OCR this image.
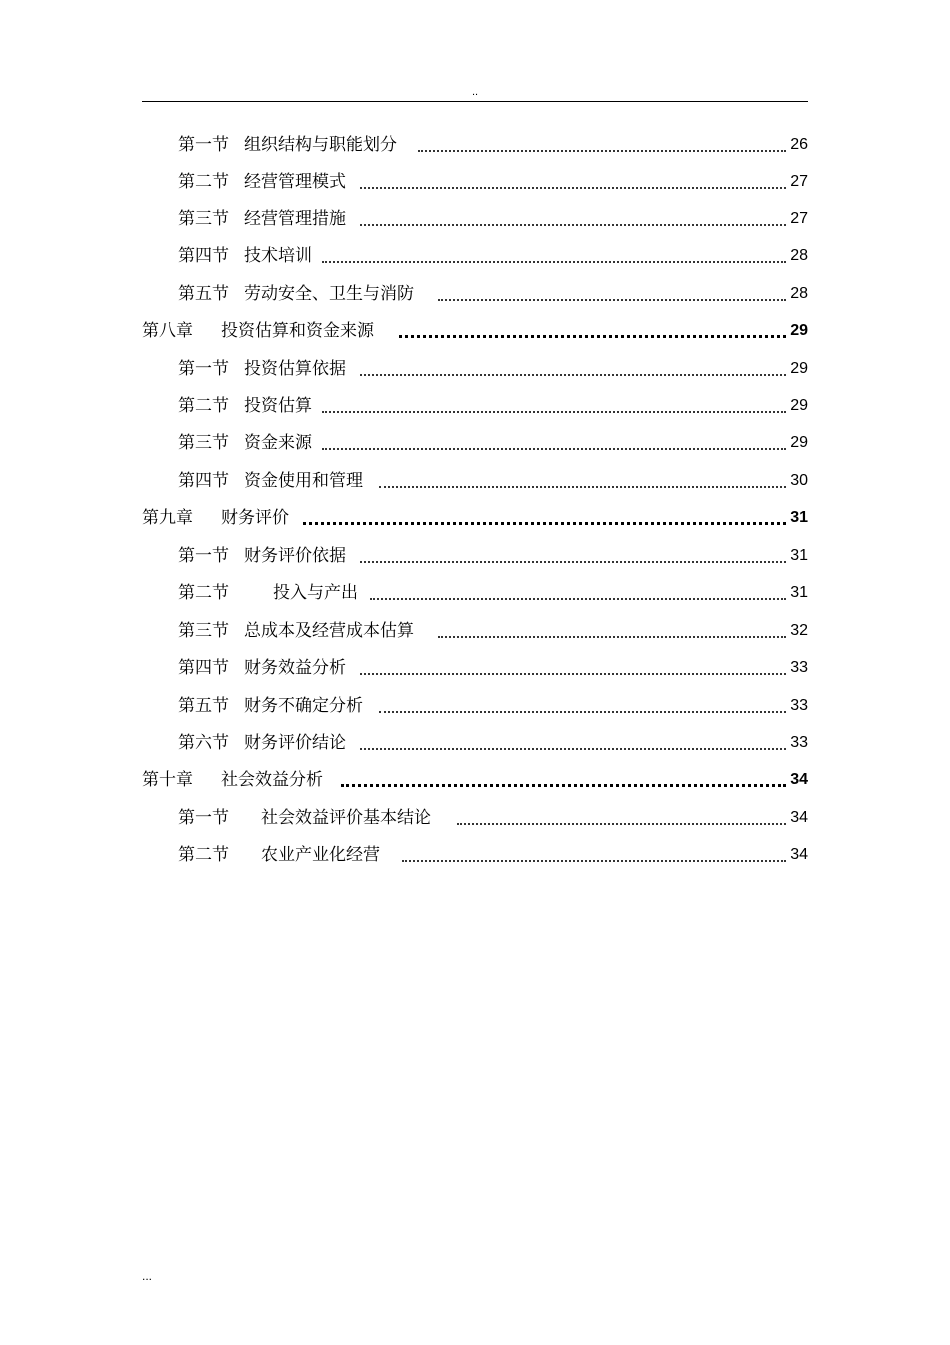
..
第一节 组织结构与职能划分	26
第二节 经营管理模式	27
第三节 经营管理措施	27
第四节 技术培训	28
第五节 劳动安全、卫生与消防	28
第八章 投资估算和资金来源	29
第一节 投资估算依据	29
第二节 投资估算	29
第三节 资金来源	29
第四节 资金使用和管理	30
第九章 财务评价	31
第一节 财务评价依据	31
第二节	投入与产出	31
第三节 总成本及经营成本估算	32
第四节 财务效益分析	33
第五节 财务不确定分析	33
第六节 财务评价结论	33
第十章 社会效益分析	34
第一节 社会效益评价基本结论	34
第二节 农业产业化经营	34
...
